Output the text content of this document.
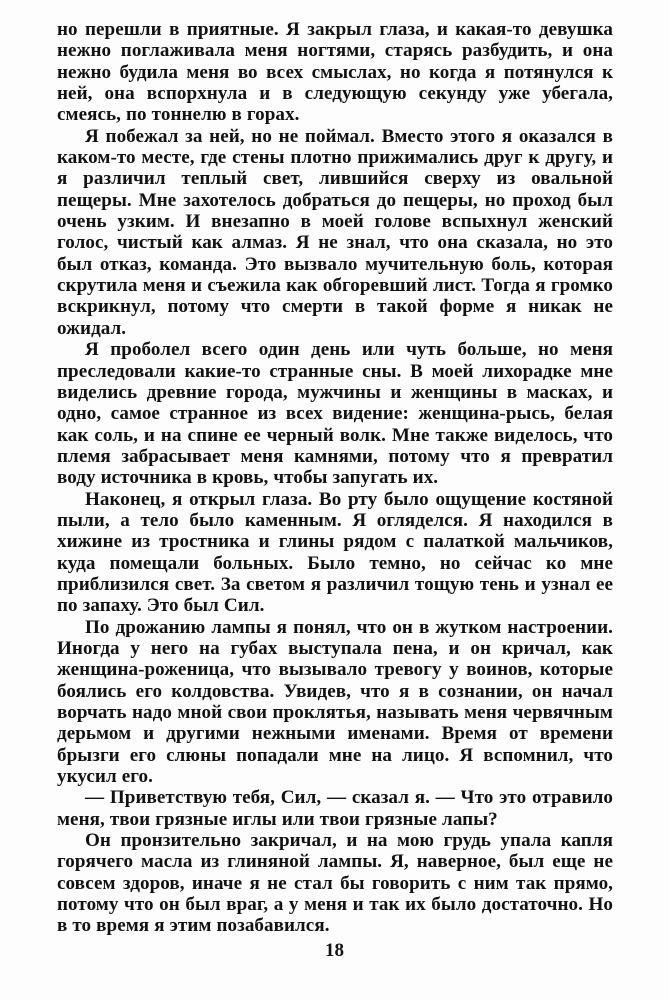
но перешли в приятные. Я закрыл глаза, и какая-то девушка нежно поглаживала меня ногтями, старясь разбудить, и она нежно будила меня во всех смыслах, но когда я потянулся к ней, она вспорхнула и в следующую секунду уже убегала, смеясь, по тоннелю в горах.

Я побежал за ней, но не поймал. Вместо этого я оказался в каком-то месте, где стены плотно прижимались друг к другу, и я различил теплый свет, лившийся сверху из овальной пещеры. Мне захотелось добраться до пещеры, но проход был очень узким. И внезапно в моей голове вспыхнул женский голос, чистый как алмаз. Я не знал, что она сказала, но это был отказ, команда. Это вызвало мучительную боль, которая скрутила меня и съежила как обгоревший лист. Тогда я громко вскрикнул, потому что смерти в такой форме я никак не ожидал.

Я проболел всего один день или чуть больше, но меня преследовали какие-то странные сны. В моей лихорадке мне виделись древние города, мужчины и женщины в масках, и одно, самое странное из всех видение: женщина-рысь, белая как соль, и на спине ее черный волк. Мне также виделось, что племя забрасывает меня камнями, потому что я превратил воду источника в кровь, чтобы запугать их.

Наконец, я открыл глаза. Во рту было ощущение костяной пыли, а тело было каменным. Я огляделся. Я находился в хижине из тростника и глины рядом с палаткой мальчиков, куда помещали больных. Было темно, но сейчас ко мне приблизился свет. За светом я различил тощую тень и узнал ее по запаху. Это был Сил.

По дрожанию лампы я понял, что он в жутком настроении. Иногда у него на губах выступала пена, и он кричал, как женщина-роженица, что вызывало тревогу у воинов, которые боялись его колдовства. Увидев, что я в сознании, он начал ворчать надо мной свои проклятья, называть меня червячным дерьмом и другими нежными именами. Время от времени брызги его слюны попадали мне на лицо. Я вспомнил, что укусил его.

— Приветствую тебя, Сил, — сказал я. — Что это отравило меня, твои грязные иглы или твои грязные лапы?

Он пронзительно закричал, и на мою грудь упала капля горячего масла из глиняной лампы. Я, наверное, был еще не совсем здоров, иначе я не стал бы говорить с ним так прямо, потому что он был враг, а у меня и так их было достаточно. Но в то время я этим позабавился.

18
